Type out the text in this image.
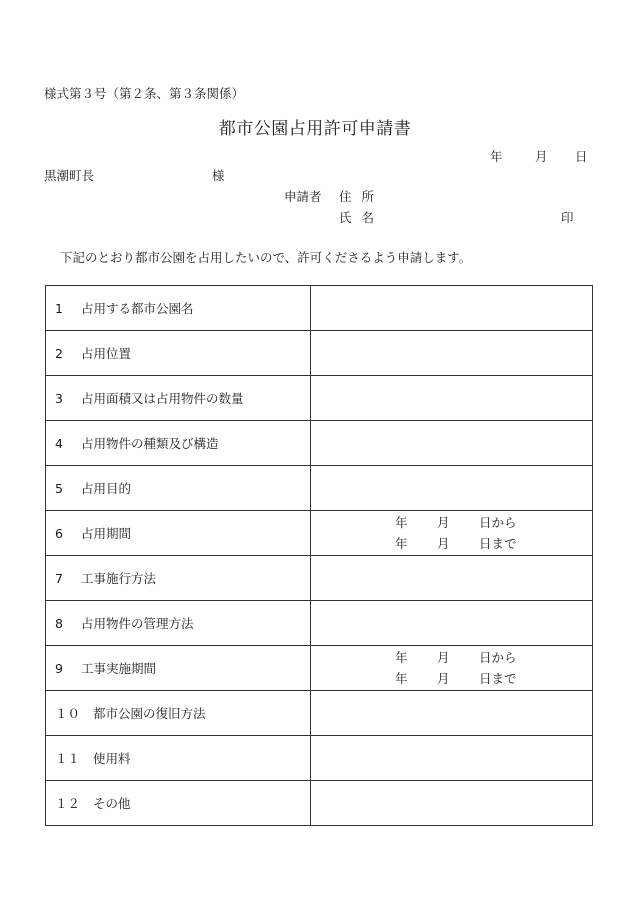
様式第３号（第２条、第３条関係）
都市公園占用許可申請書
年	月 日
黒潮町長	様
申請者 住所
氏名	印
下記のとおり都市公園を占用したいので、許可くださるよう申請します。
1 占用する都市公園名	
2 占用位置	
3 占用面積又は占用物件の数量	
4 占用物件の種類及び構造	
5 占用目的	
6 占用期間	年 月 日から
年 月 日まで

7 工事施行方法	
8 占用物件の管理方法	
9 工事実施期間	年 月 日から
年 月 日まで

１０ 都市公園の復旧方法	
１１ 使用料	
１２ その他	
